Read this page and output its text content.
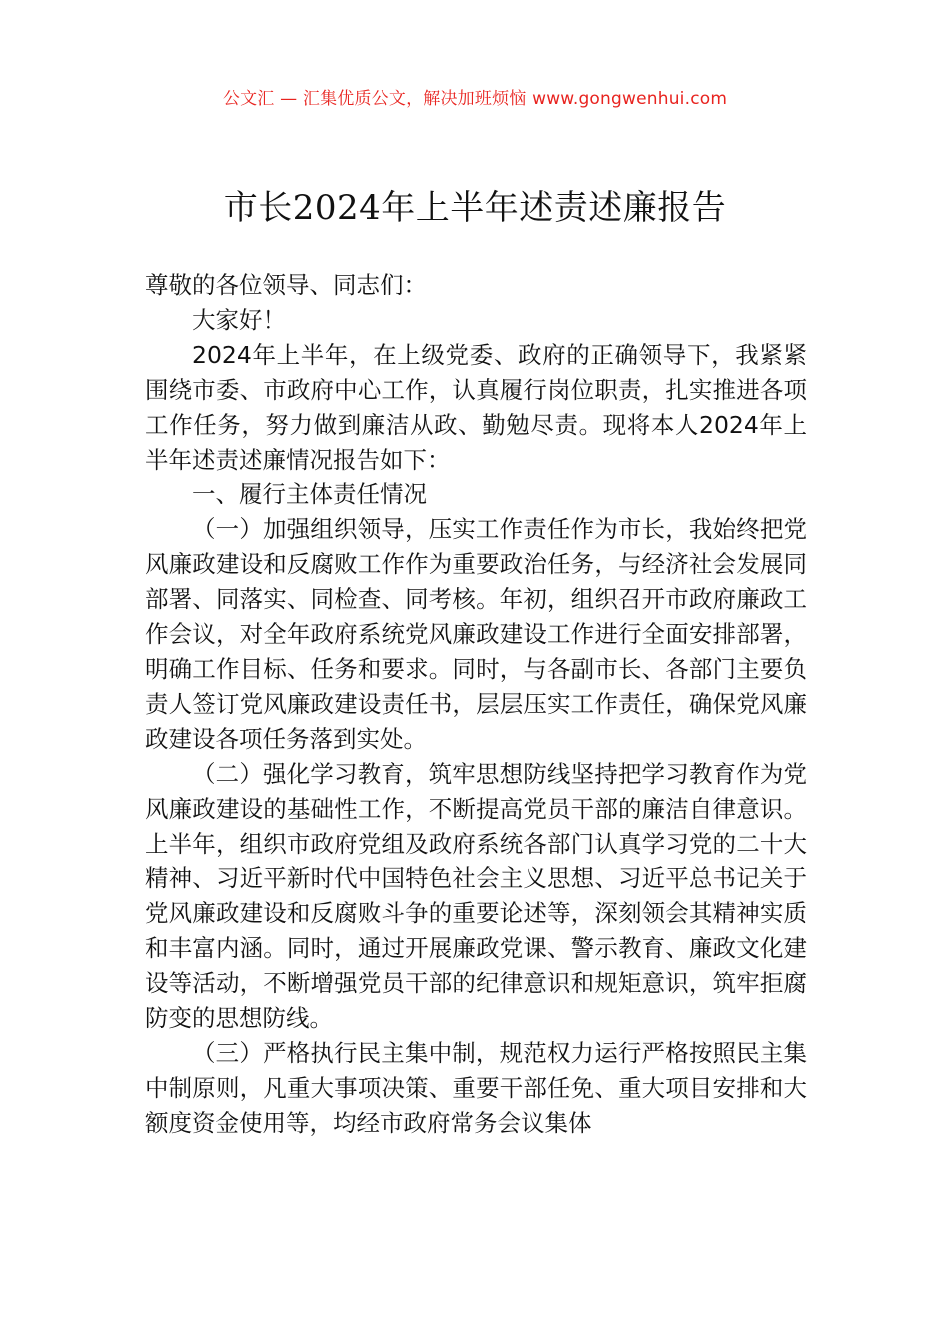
公文汇 — 汇集优质公文，解决加班烦恼 www.gongwenhui.com
市长2024年上半年述责述廉报告

尊敬的各位领导、同志们：

大家好！

2024年上半年，在上级党委、政府的正确领导下，我紧紧围绕市委、市政府中心工作，认真履行岗位职责，扎实推进各项工作任务，努力做到廉洁从政、勤勉尽责。现将本人2024年上半年述责述廉情况报告如下：

一、履行主体责任情况

（一）加强组织领导，压实工作责任作为市长，我始终把党风廉政建设和反腐败工作作为重要政治任务，与经济社会发展同部署、同落实、同检查、同考核。年初，组织召开市政府廉政工作会议，对全年政府系统党风廉政建设工作进行全面安排部署，明确工作目标、任务和要求。同时，与各副市长、各部门主要负责人签订党风廉政建设责任书，层层压实工作责任，确保党风廉政建设各项任务落到实处。

（二）强化学习教育，筑牢思想防线坚持把学习教育作为党风廉政建设的基础性工作，不断提高党员干部的廉洁自律意识。上半年，组织市政府党组及政府系统各部门认真学习党的二十大精神、习近平新时代中国特色社会主义思想、习近平总书记关于党风廉政建设和反腐败斗争的重要论述等，深刻领会其精神实质和丰富内涵。同时，通过开展廉政党课、警示教育、廉政文化建设等活动，不断增强党员干部的纪律意识和规矩意识，筑牢拒腐防变的思想防线。

（三）严格执行民主集中制，规范权力运行严格按照民主集中制原则，凡重大事项决策、重要干部任免、重大项目安排和大额度资金使用等，均经市政府常务会议集体
